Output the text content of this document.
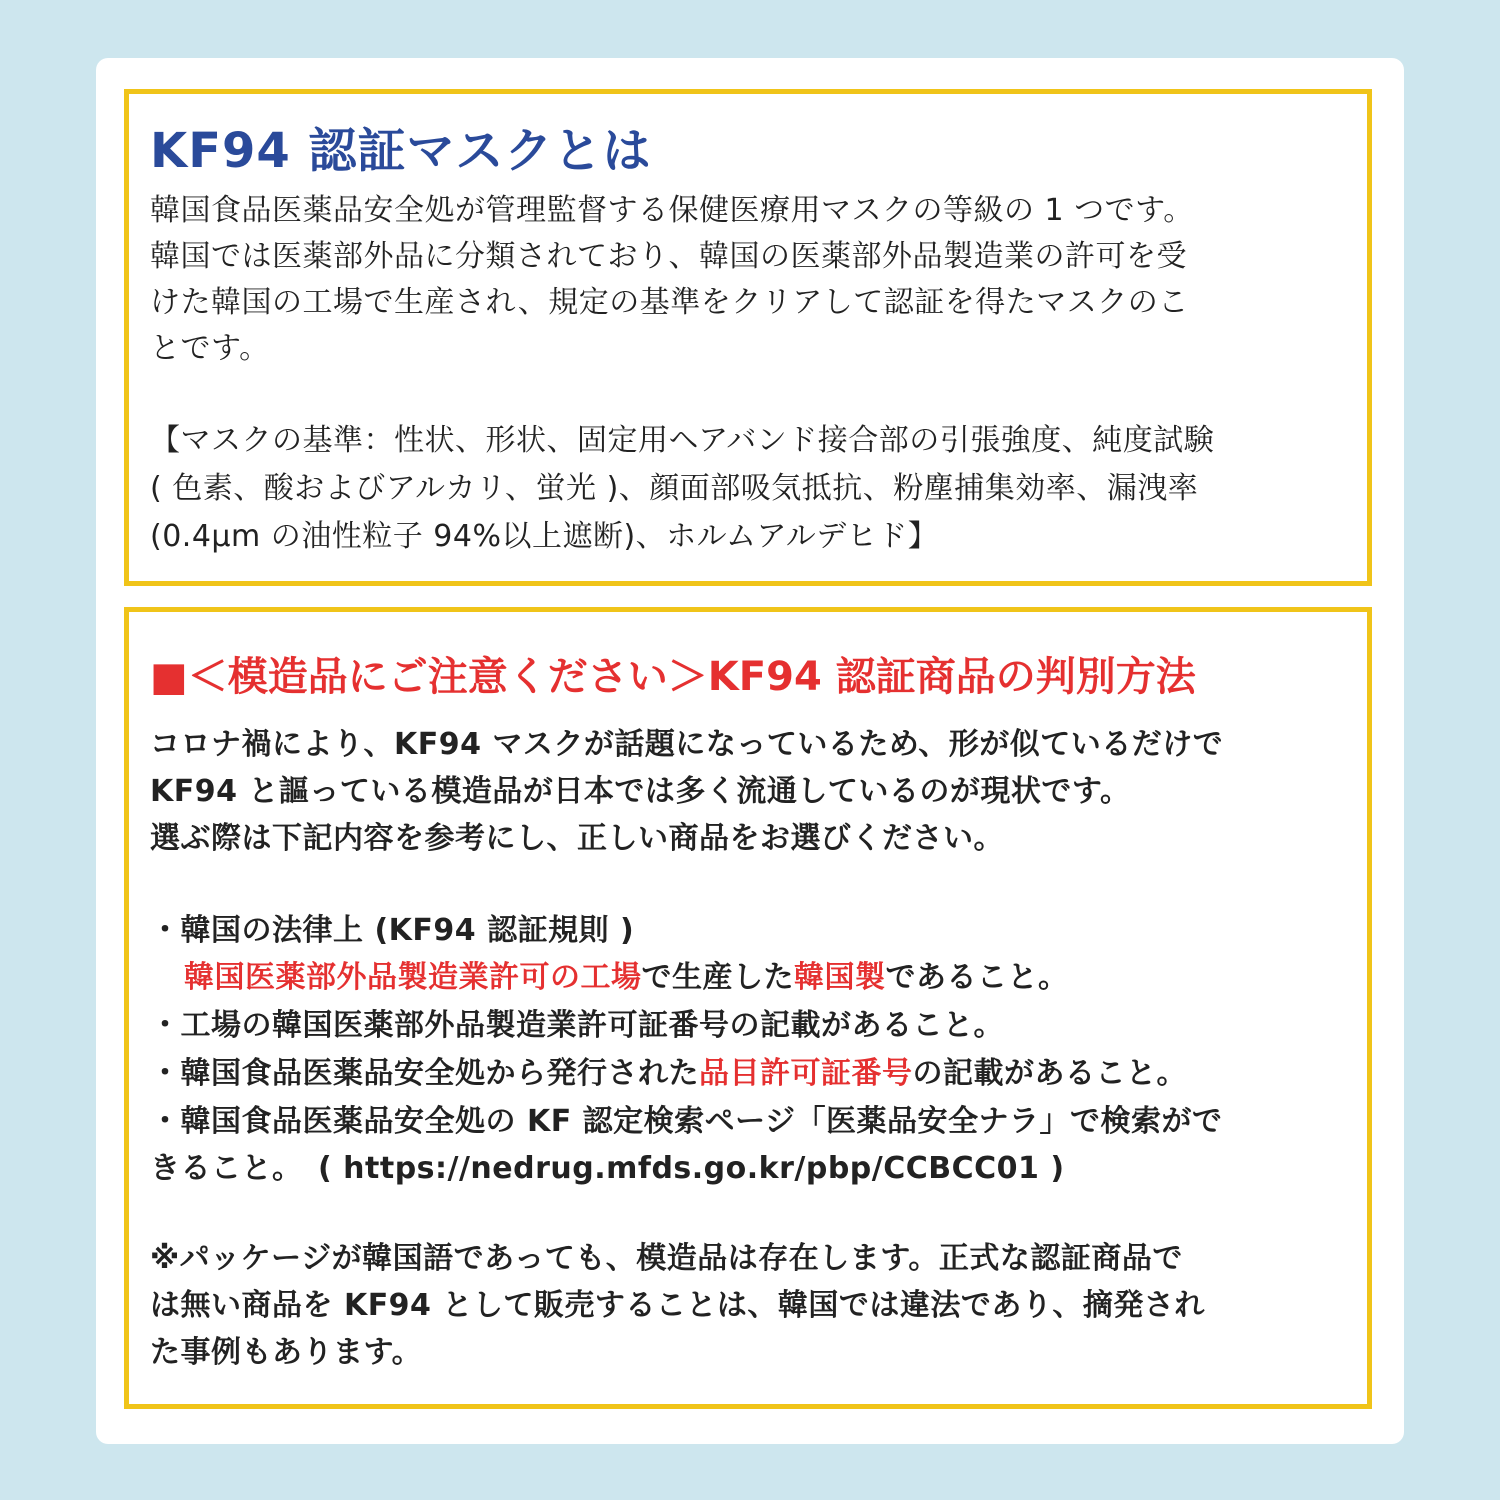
KF94 認証マスクとは

韓国食品医薬品安全処が管理監督する保健医療用マスクの等級の 1 つです。

韓国では医薬部外品に分類されており、韓国の医薬部外品製造業の許可を受

けた韓国の工場で生産され、規定の基準をクリアして認証を得たマスクのこ

とです。

【マスクの基準：性状、形状、固定用ヘアバンド接合部の引張強度、純度試験

( 色素、酸およびアルカリ、蛍光 )、顔面部吸気抵抗、粉塵捕集効率、漏洩率

(0.4μm の油性粒子 94%以上遮断)、ホルムアルデヒド】

■＜模造品にご注意ください＞KF94 認証商品の判別方法

コロナ禍により、KF94 マスクが話題になっているため、形が似ているだけで

KF94 と謳っている模造品が日本では多く流通しているのが現状です。

選ぶ際は下記内容を参考にし、正しい商品をお選びください。

・韓国の法律上 (KF94 認証規則 )

韓国医薬部外品製造業許可の工場で生産した韓国製であること。

・工場の韓国医薬部外品製造業許可証番号の記載があること。

・韓国食品医薬品安全処から発行された品目許可証番号の記載があること。

・韓国食品医薬品安全処の KF 認定検索ページ「医薬品安全ナラ」で検索がで

きること。　( https://nedrug.mfds.go.kr/pbp/CCBCC01 )

※パッケージが韓国語であっても、模造品は存在します。正式な認証商品で

は無い商品を KF94 として販売することは、韓国では違法であり、摘発され

た事例もあります。
